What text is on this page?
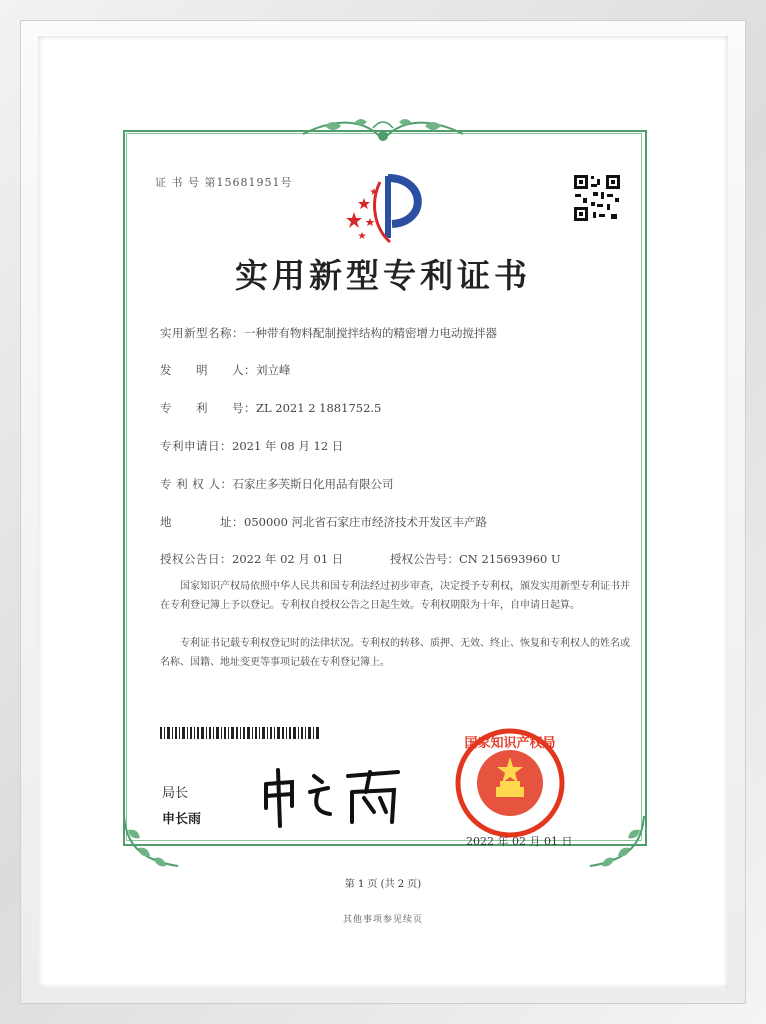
证 书 号 第15681951号
实用新型专利证书
实用新型名称：一种带有物料配制搅拌结构的精密增力电动搅拌器
发　　明　　人：刘立峰
专　　利　　号：ZL 2021 2 1881752.5
专利申请日：2021 年 08 月 12 日
专 利 权 人：石家庄多芙斯日化用品有限公司
地　　　　址：050000 河北省石家庄市经济技术开发区丰产路
授权公告日：2022 年 02 月 01 日	授权公告号：CN 215693960 U

国家知识产权局依照中华人民共和国专利法经过初步审查，决定授予专利权，颁发实用新型专利证书并在专利登记簿上予以登记。专利权自授权公告之日起生效。专利权期限为十年，自申请日起算。

专利证书记载专利权登记时的法律状况。专利权的转移、质押、无效、终止、恢复和专利权人的姓名或名称、国籍、地址变更等事项记载在专利登记簿上。

局长
申长雨
国家知识产权局
2022 年 02 月 01 日
第 1 页 (共 2 页)
其他事项参见续页
